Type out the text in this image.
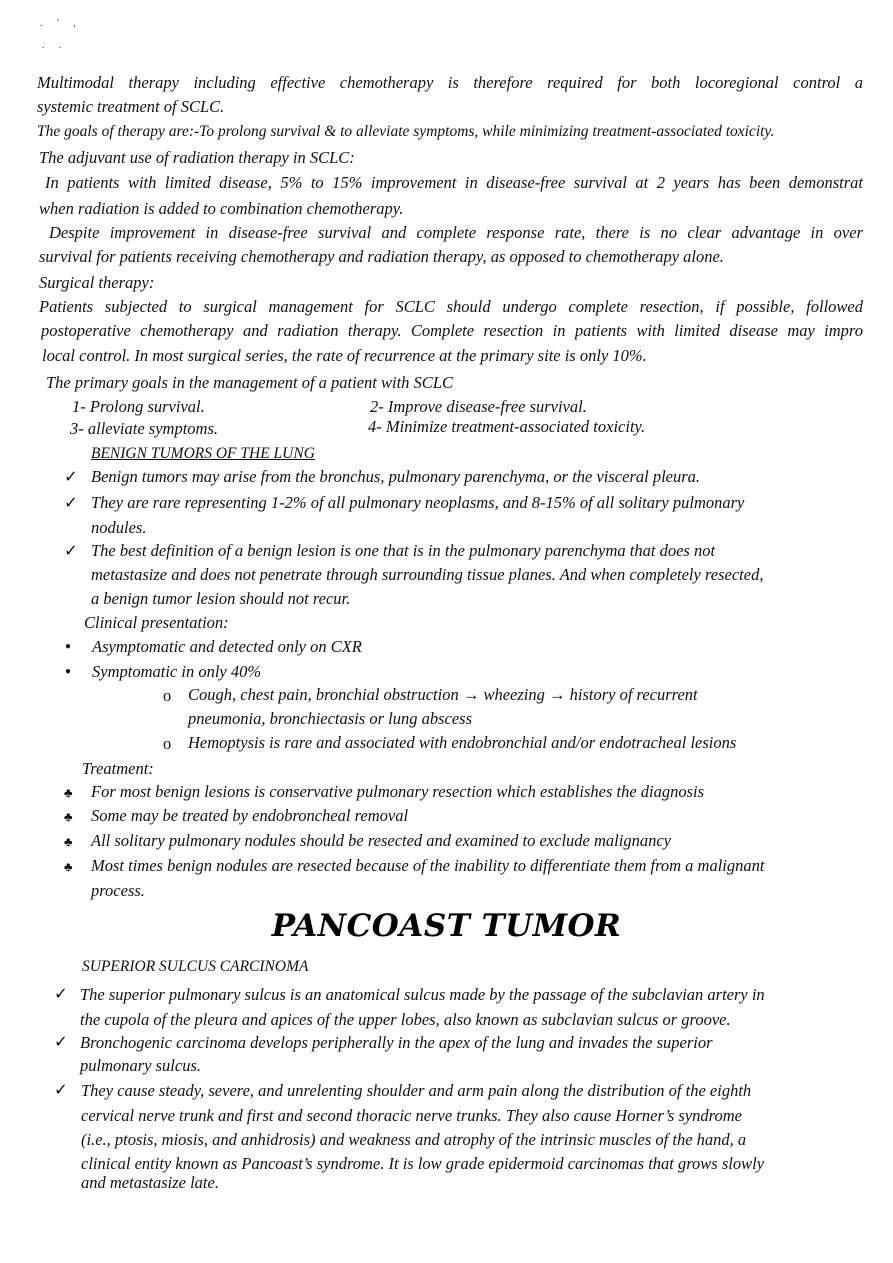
. ' ,
. .
Multimodal therapy including effective chemotherapy is therefore required for both locoregional control a
systemic treatment of SCLC.
The goals of therapy are:-To prolong survival & to alleviate symptoms, while minimizing treatment-associated toxicity.
The adjuvant use of radiation therapy in SCLC:
In patients with limited disease, 5% to 15% improvement in disease-free survival at 2 years has been demonstrat
when radiation is added to combination chemotherapy.
Despite improvement in disease-free survival and complete response rate, there is no clear advantage in over
survival for patients receiving chemotherapy and radiation therapy, as opposed to chemotherapy alone.
Surgical therapy:
Patients subjected to surgical management for SCLC should undergo complete resection, if possible, followed
postoperative chemotherapy and radiation therapy. Complete resection in patients with limited disease may impro
local control. In most surgical series, the rate of recurrence at the primary site is only 10%.
The primary goals in the management of a patient with SCLC
1- Prolong survival.	2- Improve disease-free survival.
3- alleviate symptoms.	4- Minimize treatment-associated toxicity.
BENIGN TUMORS OF THE LUNG
✓ Benign tumors may arise from the bronchus, pulmonary parenchyma, or the visceral pleura.
✓ They are rare representing 1-2% of all pulmonary neoplasms, and 8-15% of all solitary pulmonary
nodules.
✓ The best definition of a benign lesion is one that is in the pulmonary parenchyma that does not
metastasize and does not penetrate through surrounding tissue planes. And when completely resected,
a benign tumor lesion should not recur.
Clinical presentation:
● Asymptomatic and detected only on CXR
● Symptomatic in only 40%
o Cough, chest pain, bronchial obstruction → wheezing → history of recurrent
pneumonia, bronchiectasis or lung abscess
o Hemoptysis is rare and associated with endobronchial and/or endotracheal lesions
Treatment:
♣ For most benign lesions is conservative pulmonary resection which establishes the diagnosis
♣ Some may be treated by endobroncheal removal
♣ All solitary pulmonary nodules should be resected and examined to exclude malignancy
♣ Most times benign nodules are resected because of the inability to differentiate them from a malignant
process.
PANCOAST TUMOR
SUPERIOR SULCUS CARCINOMA
✓ The superior pulmonary sulcus is an anatomical sulcus made by the passage of the subclavian artery in
the cupola of the pleura and apices of the upper lobes, also known as subclavian sulcus or groove.
✓ Bronchogenic carcinoma develops peripherally in the apex of the lung and invades the superior
pulmonary sulcus.
✓ They cause steady, severe, and unrelenting shoulder and arm pain along the distribution of the eighth
cervical nerve trunk and first and second thoracic nerve trunks. They also cause Horner’s syndrome
(i.e., ptosis, miosis, and anhidrosis) and weakness and atrophy of the intrinsic muscles of the hand, a
clinical entity known as Pancoast’s syndrome. It is low grade epidermoid carcinomas that grows slowly
and metastasize late.
